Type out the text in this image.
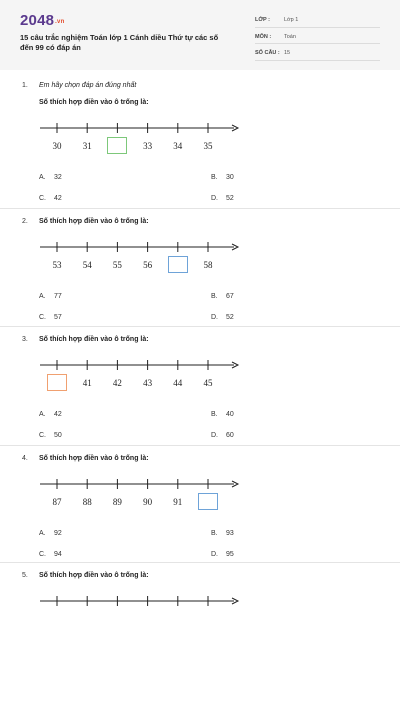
2048.vn
15 câu trắc nghiệm Toán lớp 1 Cánh diều Thứ tự các số đến 99 có đáp án
LỚP :	Lớp 1
MÔN : Toán
SỐ CÂU : 15
1. Em hãy chọn đáp án đúng nhất
Số thích hợp điền vào ô trống là:
30	31	33	34	35
A. 32	B. 30
C. 42	D. 52
2. Số thích hợp điền vào ô trống là:
53	54	55	56	58
A. 77	B. 67
C. 57	D. 52
3. Số thích hợp điền vào ô trống là:
41	42	43	44	45
A. 42	B. 40
C. 50	D. 60
4. Số thích hợp điền vào ô trống là:
87	88	89	90	91
A. 92	B. 93
C. 94	D. 95
5. Số thích hợp điền vào ô trống là:
